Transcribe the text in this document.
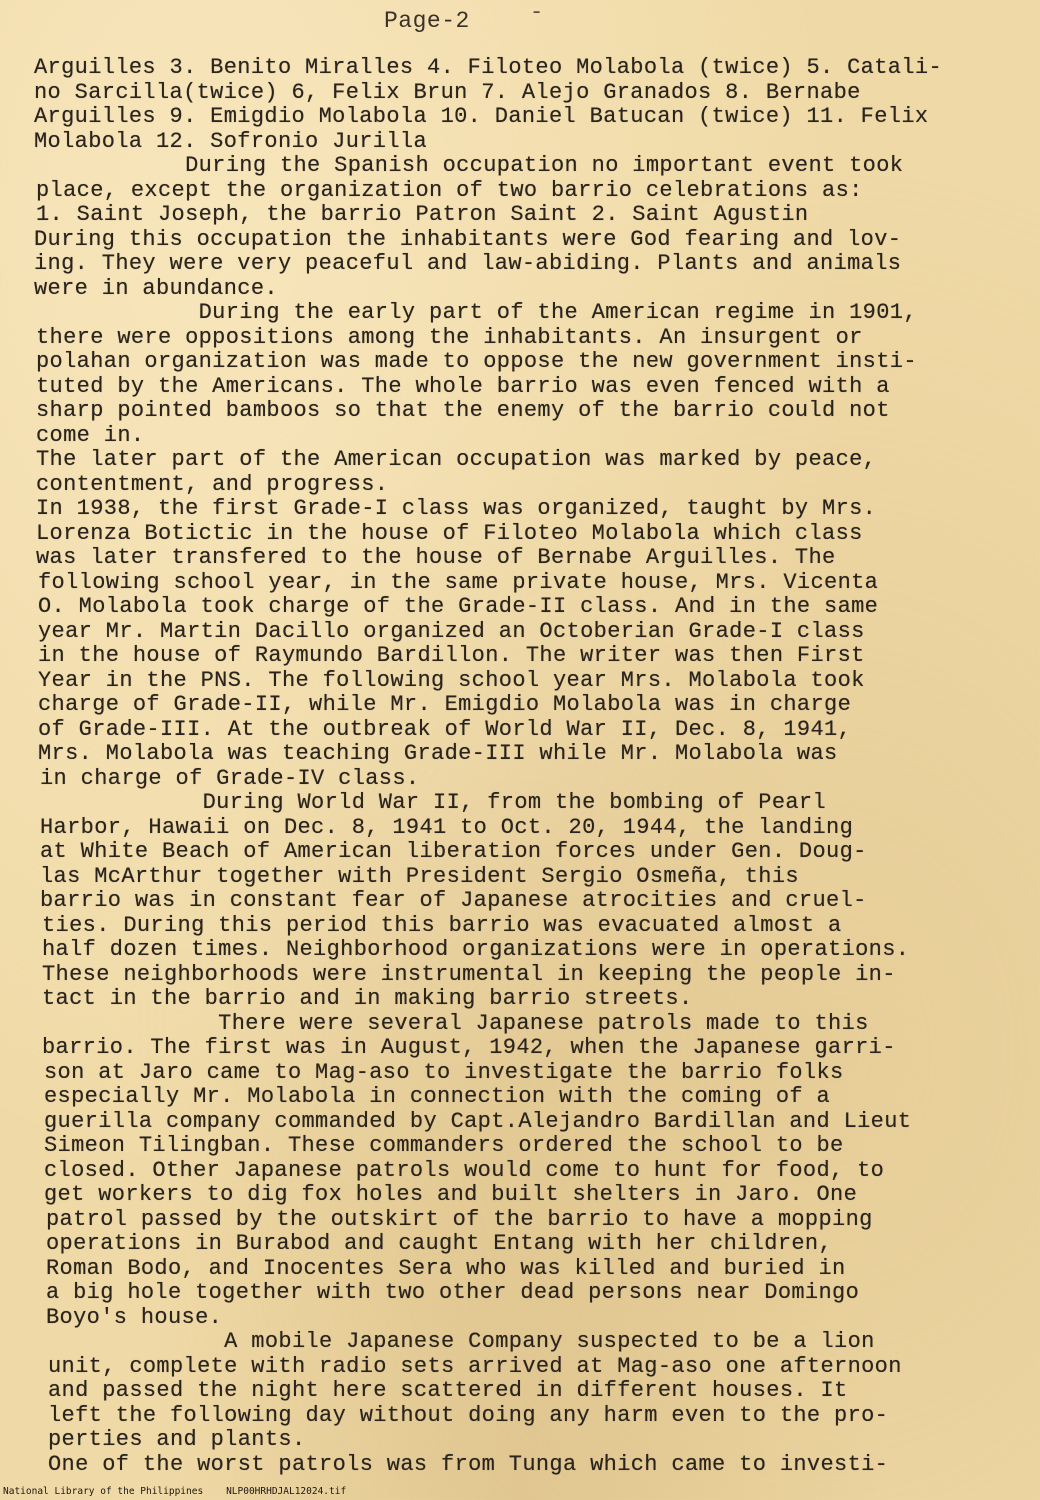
Page-2	-
Arguilles 3. Benito Miralles 4. Filoteo Molabola (twice) 5. Catali-
no Sarcilla(twice) 6, Felix Brun 7. Alejo Granados 8. Bernabe
Arguilles 9. Emigdio Molabola 10. Daniel Batucan (twice) 11. Felix
Molabola 12. Sofronio Jurilla
During the Spanish occupation no important event took
place, except the organization of two barrio celebrations as:
1. Saint Joseph, the barrio Patron Saint 2. Saint Agustin
During this occupation the inhabitants were God fearing and lov-
ing. They were very peaceful and law-abiding. Plants and animals
were in abundance.
During the early part of the American regime in 1901,
there were oppositions among the inhabitants. An insurgent or
polahan organization was made to oppose the new government insti-
tuted by the Americans. The whole barrio was even fenced with a
sharp pointed bamboos so that the enemy of the barrio could not
come in.
The later part of the American occupation was marked by peace,
contentment, and progress.
In 1938, the first Grade-I class was organized, taught by Mrs.
Lorenza Botictic in the house of Filoteo Molabola which class
was later transfered to the house of Bernabe Arguilles. The
following school year, in the same private house, Mrs. Vicenta
O. Molabola took charge of the Grade-II class. And in the same
year Mr. Martin Dacillo organized an Octoberian Grade-I class
in the house of Raymundo Bardillon. The writer was then First
Year in the PNS. The following school year Mrs. Molabola took
charge of Grade-II, while Mr. Emigdio Molabola was in charge
of Grade-III. At the outbreak of World War II, Dec. 8, 1941,
Mrs. Molabola was teaching Grade-III while Mr. Molabola was
in charge of Grade-IV class.
During World War II, from the bombing of Pearl
Harbor, Hawaii on Dec. 8, 1941 to Oct. 20, 1944, the landing
at White Beach of American liberation forces under Gen. Doug-
las McArthur together with President Sergio Osmeña, this
barrio was in constant fear of Japanese atrocities and cruel-
ties. During this period this barrio was evacuated almost a
half dozen times. Neighborhood organizations were in operations.
These neighborhoods were instrumental in keeping the people in-
tact in the barrio and in making barrio streets.
There were several Japanese patrols made to this
barrio. The first was in August, 1942, when the Japanese garri-
son at Jaro came to Mag-aso to investigate the barrio folks
especially Mr. Molabola in connection with the coming of a
guerilla company commanded by Capt.Alejandro Bardillan and Lieut
Simeon Tilingban. These commanders ordered the school to be
closed. Other Japanese patrols would come to hunt for food, to
get workers to dig fox holes and built shelters in Jaro. One
patrol passed by the outskirt of the barrio to have a mopping
operations in Burabod and caught Entang with her children,
Roman Bodo, and Inocentes Sera who was killed and buried in
a big hole together with two other dead persons near Domingo
Boyo's house.
A mobile Japanese Company suspected to be a lion
unit, complete with radio sets arrived at Mag-aso one afternoon
and passed the night here scattered in different houses. It
left the following day without doing any harm even to the pro-
perties and plants.
One of the worst patrols was from Tunga which came to investi-
National Library of the Philippines NLP00HRHDJAL12024.tif
